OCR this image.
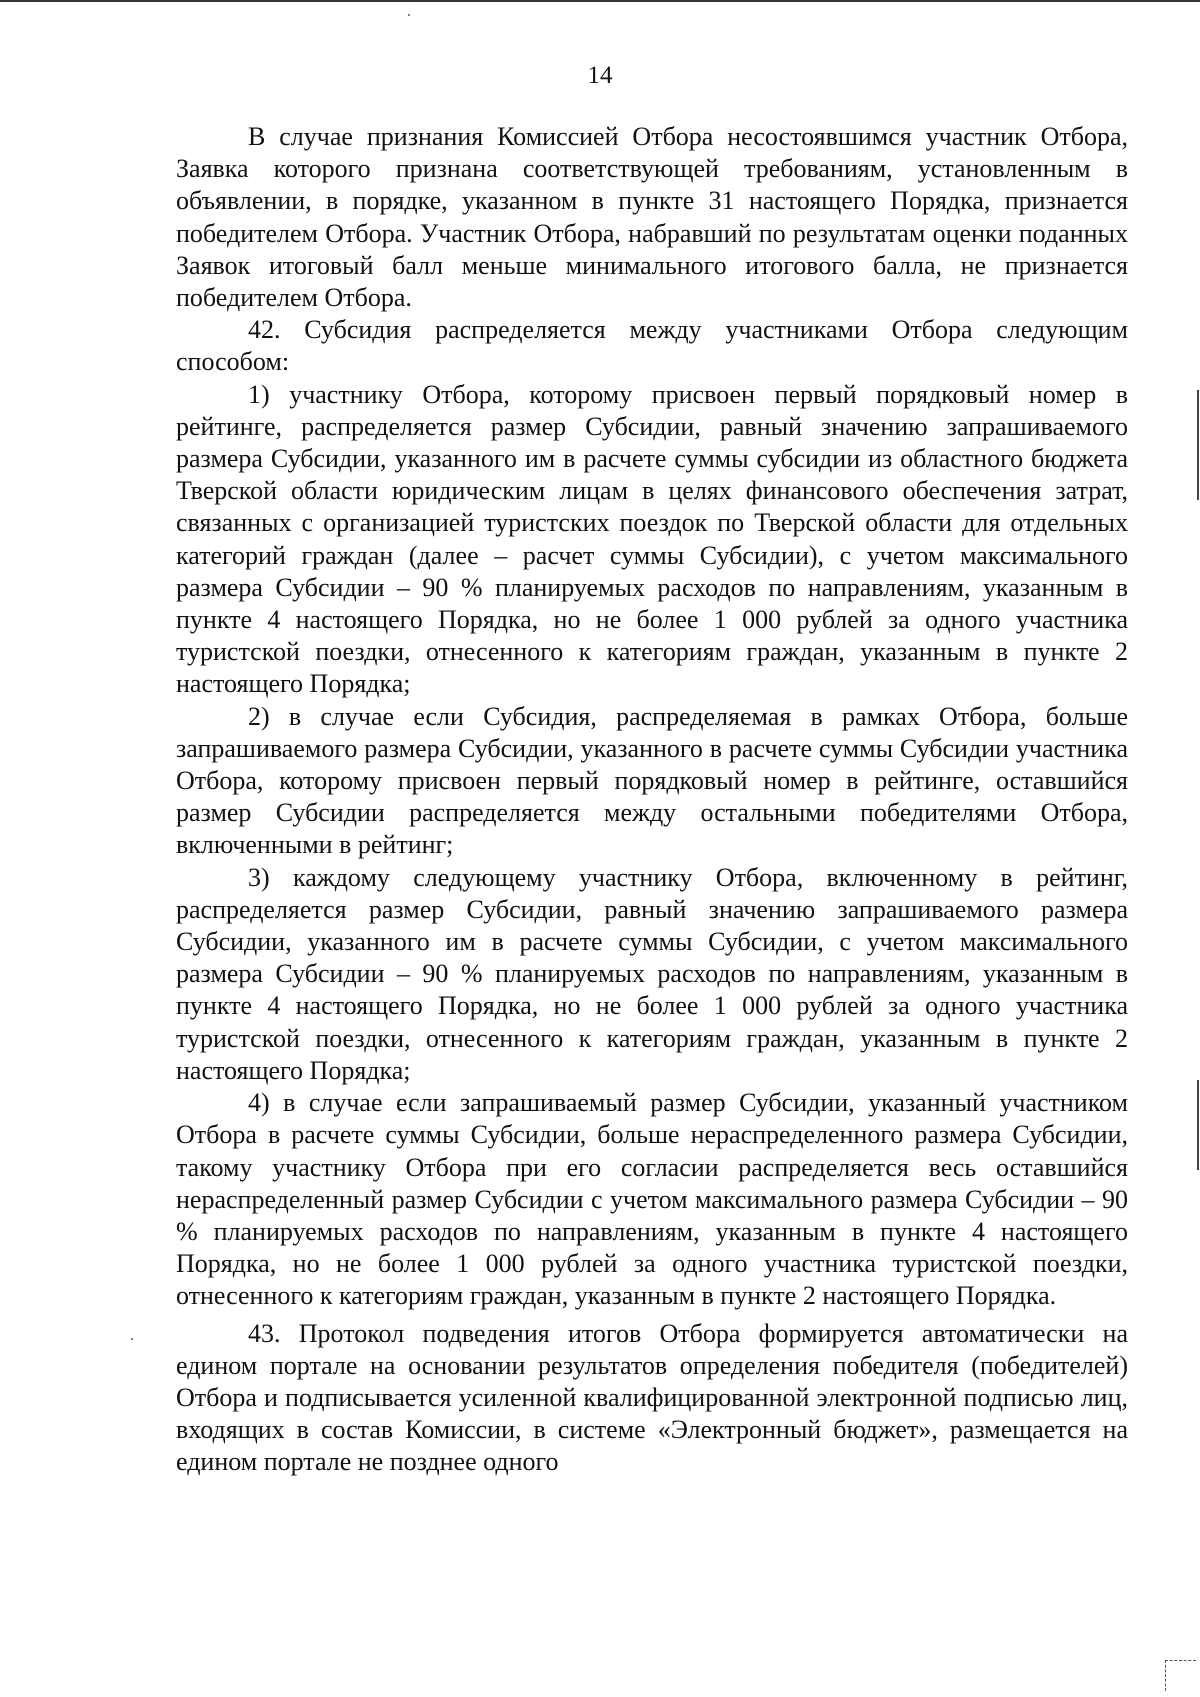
14

В случае признания Комиссией Отбора несостоявшимся участник Отбора, Заявка которого признана соответствующей требованиям, установленным в объявлении, в порядке, указанном в пункте 31 настоящего Порядка, признается победителем Отбора. Участник Отбора, набравший по результатам оценки поданных Заявок итоговый балл меньше минимального итогового балла, не признается победителем Отбора.

42. Субсидия распределяется между участниками Отбора следующим способом:

1) участнику Отбора, которому присвоен первый порядковый номер в рейтинге, распределяется размер Субсидии, равный значению запрашиваемого размера Субсидии, указанного им в расчете суммы субсидии из областного бюджета Тверской области юридическим лицам в целях финансового обеспечения затрат, связанных с организацией туристских поездок по Тверской области для отдельных категорий граждан (далее – расчет суммы Субсидии), с учетом максимального размера Субсидии – 90 % планируемых расходов по направлениям, указанным в пункте 4 настоящего Порядка, но не более 1 000 рублей за одного участника туристской поездки, отнесенного к категориям граждан, указанным в пункте 2 настоящего Порядка;

2) в случае если Субсидия, распределяемая в рамках Отбора, больше запрашиваемого размера Субсидии, указанного в расчете суммы Субсидии участника Отбора, которому присвоен первый порядковый номер в рейтинге, оставшийся размер Субсидии распределяется между остальными победителями Отбора, включенными в рейтинг;

3) каждому следующему участнику Отбора, включенному в рейтинг, распределяется размер Субсидии, равный значению запрашиваемого размера Субсидии, указанного им в расчете суммы Субсидии, с учетом максимального размера Субсидии – 90 % планируемых расходов по направлениям, указанным в пункте 4 настоящего Порядка, но не более 1 000 рублей за одного участника туристской поездки, отнесенного к категориям граждан, указанным в пункте 2 настоящего Порядка;

4) в случае если запрашиваемый размер Субсидии, указанный участником Отбора в расчете суммы Субсидии, больше нераспределенного размера Субсидии, такому участнику Отбора при его согласии распределяется весь оставшийся нераспределенный размер Субсидии с учетом максимального размера Субсидии – 90 % планируемых расходов по направлениям, указанным в пункте 4 настоящего Порядка, но не более 1 000 рублей за одного участника туристской поездки, отнесенного к категориям граждан, указанным в пункте 2 настоящего Порядка.

43. Протокол подведения итогов Отбора формируется автоматически на едином портале на основании результатов определения победителя (победителей) Отбора и подписывается усиленной квалифицированной электронной подписью лиц, входящих в состав Комиссии, в системе «Электронный бюджет», размещается на едином портале не позднее одного
